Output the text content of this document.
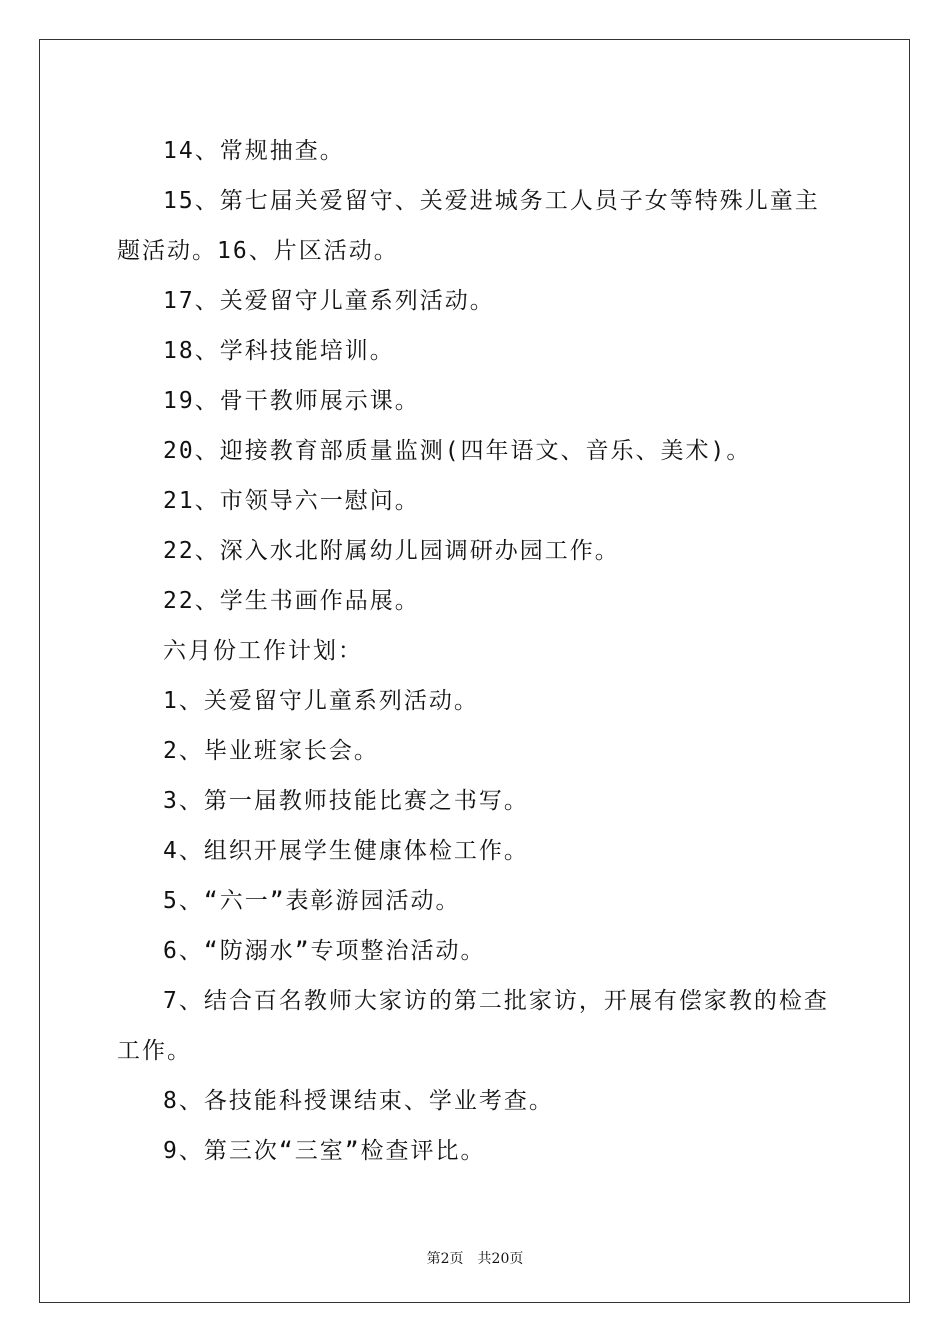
14、常规抽查。

15、第七届关爱留守、关爱进城务工人员子女等特殊儿童主题活动。16、片区活动。

17、关爱留守儿童系列活动。

18、学科技能培训。

19、骨干教师展示课。

20、迎接教育部质量监测(四年语文、音乐、美术)。

21、市领导六一慰问。

22、深入水北附属幼儿园调研办园工作。

22、学生书画作品展。

六月份工作计划：

1、关爱留守儿童系列活动。

2、毕业班家长会。

3、第一届教师技能比赛之书写。

4、组织开展学生健康体检工作。

5、“六一”表彰游园活动。

6、“防溺水”专项整治活动。

7、结合百名教师大家访的第二批家访，开展有偿家教的检查工作。

8、各技能科授课结束、学业考查。

9、第三次“三室”检查评比。

第2页 共20页
